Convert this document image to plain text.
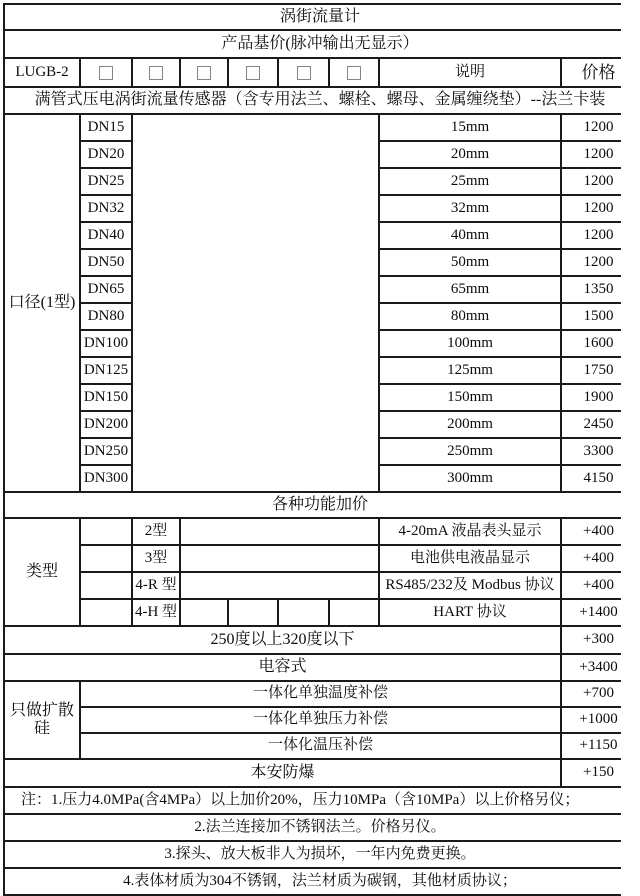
涡街流量计
产品基价(脉冲输出无显示）
LUGB-2	说明	价格
满管式压电涡街流量传感器（含专用法兰、螺栓、螺母、金属缠绕垫）--法兰卡装
口径(1型)
DN15	15mm	1200
DN20	20mm	1200
DN25	25mm	1200
DN32	32mm	1200
DN40	40mm	1200
DN50	50mm	1200
DN65	65mm	1350
DN80	80mm	1500
DN100	100mm	1600
DN125	125mm	1750
DN150	150mm	1900
DN200	200mm	2450
DN250	250mm	3300
DN300	300mm	4150
各种功能加价
类型
2型	4-20mA 液晶表头显示	+400
3型	电池供电液晶显示	+400
4-R 型	RS485/232及 Modbus 协议	+400
4-H 型	HART 协议	+1400
250度以上320度以下	+300
电容式	+3400
只做扩散硅
一体化单独温度补偿	+700
一体化单独压力补偿	+1000
一体化温压补偿	+1150
本安防爆	+150
注：1.压力4.0MPa(含4MPa）以上加价20%，压力10MPa（含10MPa）以上价格另仪；
2.法兰连接加不锈钢法兰。价格另仪。
3.探头、放大板非人为损坏，一年内免费更换。
4.表体材质为304不锈钢，法兰材质为碳钢，其他材质协议；
